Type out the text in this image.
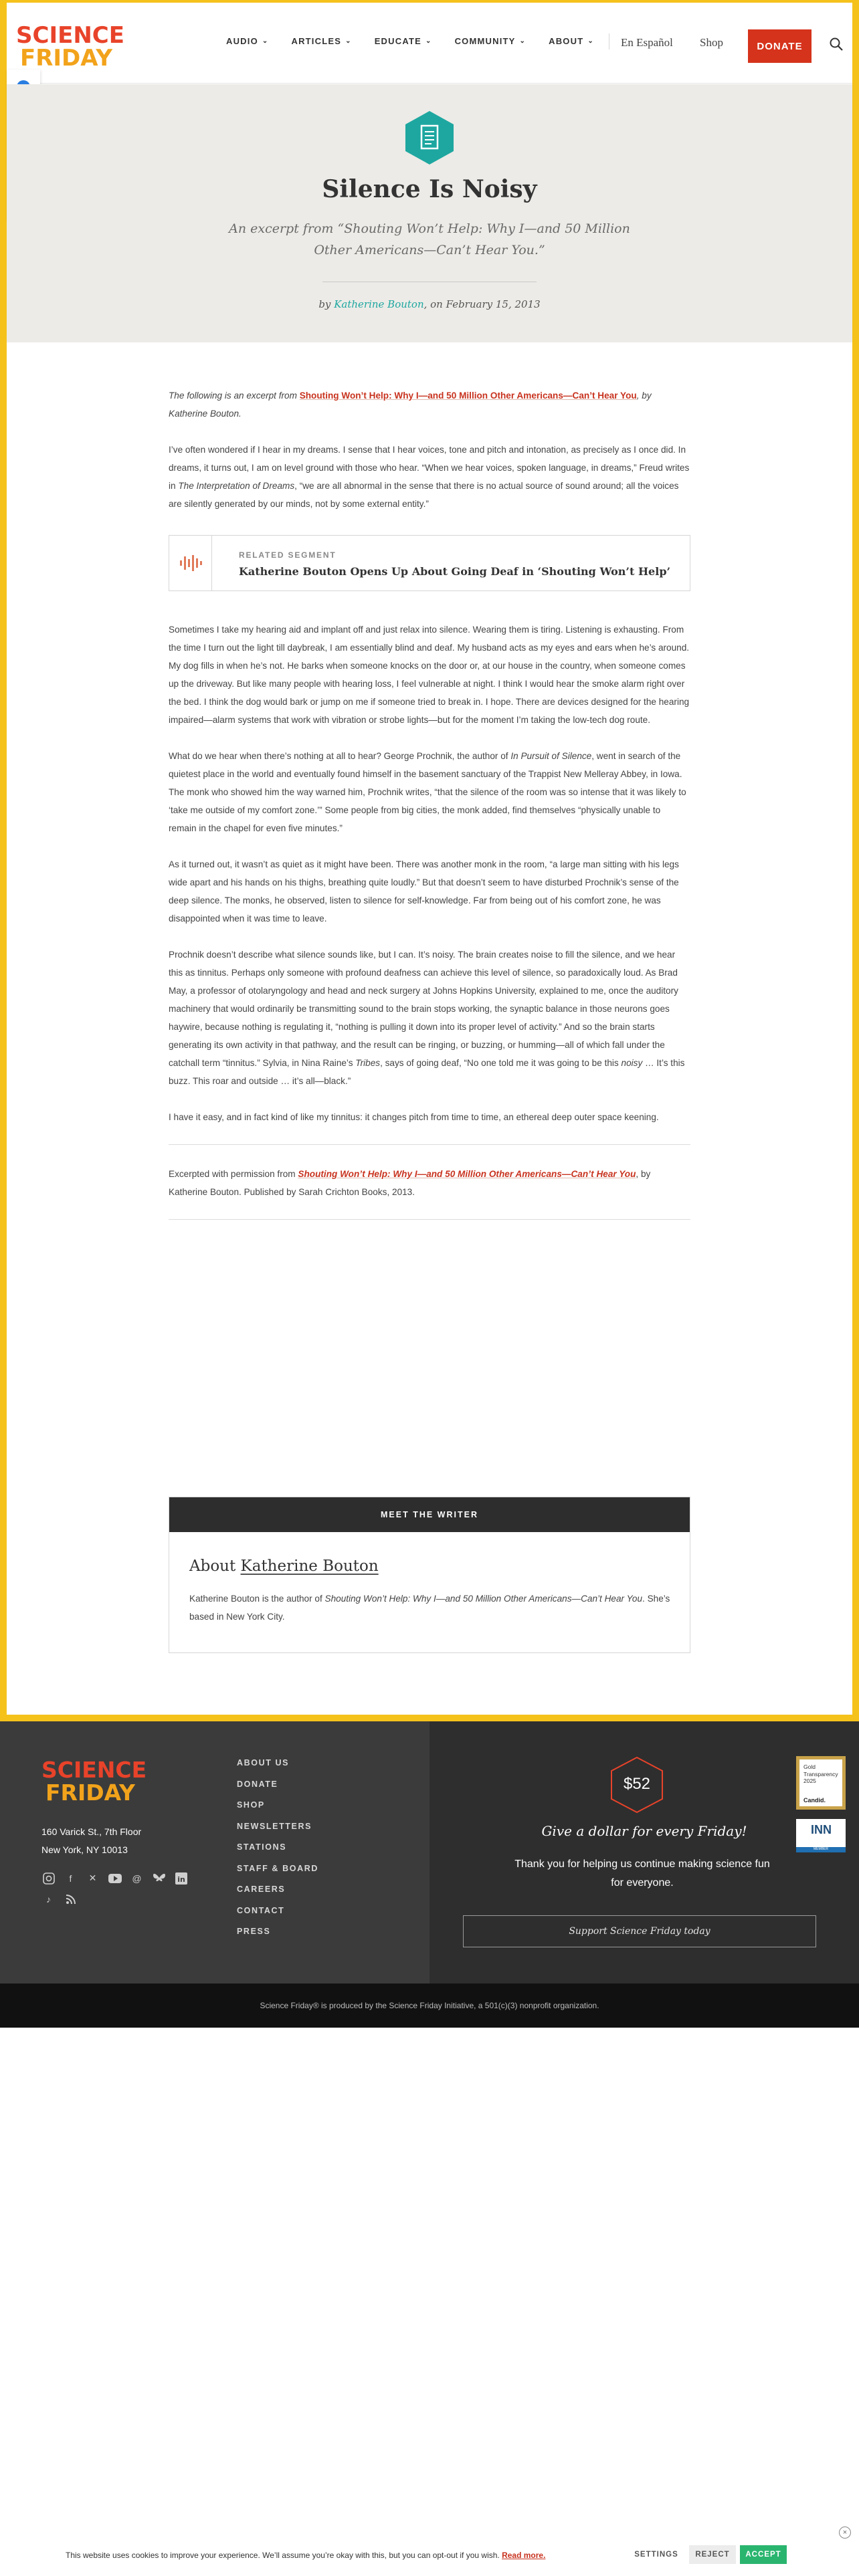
SCIENCE
FRIDAY
AUDIO ⌄	ARTICLES ⌄	EDUCATE ⌄	COMMUNITY ⌄	ABOUT ⌄ En Español Shop	DONATE
Silence Is Noisy
An excerpt from “Shouting Won’t Help: Why I—and 50 Million Other Americans—Can’t Hear You.”
by Katherine Bouton, on February 15, 2013

The following is an excerpt from Shouting Won’t Help: Why I—and 50 Million Other Americans—Can’t Hear You, by Katherine Bouton.

I’ve often wondered if I hear in my dreams. I sense that I hear voices, tone and pitch and intonation, as precisely as I once did. In dreams, it turns out, I am on level ground with those who hear. “When we hear voices, spoken language, in dreams,” Freud writes in The Interpretation of Dreams, “we are all abnormal in the sense that there is no actual source of sound around; all the voices are silently generated by our minds, not by some external entity.”

RELATED SEGMENT
Katherine Bouton Opens Up About Going Deaf in ‘Shouting Won’t Help’

Sometimes I take my hearing aid and implant off and just relax into silence. Wearing them is tiring. Listening is exhausting. From the time I turn out the light till daybreak, I am essentially blind and deaf. My husband acts as my eyes and ears when he’s around. My dog fills in when he’s not. He barks when someone knocks on the door or, at our house in the country, when someone comes up the driveway. But like many people with hearing loss, I feel vulnerable at night. I think I would hear the smoke alarm right over the bed. I think the dog would bark or jump on me if someone tried to break in. I hope. There are devices designed for the hearing impaired—alarm systems that work with vibration or strobe lights—but for the moment I’m taking the low-tech dog route.

What do we hear when there’s nothing at all to hear? George Prochnik, the author of In Pursuit of Silence, went in search of the quietest place in the world and eventually found himself in the basement sanctuary of the Trappist New Melleray Abbey, in Iowa. The monk who showed him the way warned him, Prochnik writes, “that the silence of the room was so intense that it was likely to ‘take me outside of my comfort zone.’” Some people from big cities, the monk added, find themselves “physically unable to remain in the chapel for even five minutes.”

As it turned out, it wasn’t as quiet as it might have been. There was another monk in the room, “a large man sitting with his legs wide apart and his hands on his thighs, breathing quite loudly.” But that doesn’t seem to have disturbed Prochnik’s sense of the deep silence. The monks, he observed, listen to silence for self-knowledge. Far from being out of his comfort zone, he was disappointed when it was time to leave.

Prochnik doesn’t describe what silence sounds like, but I can. It’s noisy. The brain creates noise to fill the silence, and we hear this as tinnitus. Perhaps only someone with profound deafness can achieve this level of silence, so paradoxically loud. As Brad May, a professor of otolaryngology and head and neck surgery at Johns Hopkins University, explained to me, once the auditory machinery that would ordinarily be transmitting sound to the brain stops working, the synaptic balance in those neurons goes haywire, because nothing is regulating it, “nothing is pulling it down into its proper level of activity.” And so the brain starts generating its own activity in that pathway, and the result can be ringing, or buzzing, or humming—all of which fall under the catchall term “tinnitus.” Sylvia, in Nina Raine’s Tribes, says of going deaf, “No one told me it was going to be this noisy … It’s this buzz. This roar and outside … it’s all—black.”

I have it easy, and in fact kind of like my tinnitus: it changes pitch from time to time, an ethereal deep outer space keening.

Excerpted with permission from Shouting Won’t Help: Why I—and 50 Million Other Americans—Can’t Hear You, by Katherine Bouton. Published by Sarah Crichton Books, 2013.

MEET THE WRITER
About Katherine Bouton
Katherine Bouton is the author of Shouting Won’t Help: Why I—and 50 Million Other Americans—Can’t Hear You. She’s based in New York City.
SCIENCE
FRIDAY
160 Varick St., 7th Floor
New York, NY 10013
f	✕	@	in
♪
ABOUT US
DONATE
SHOP
NEWSLETTERS
STATIONS
STAFF & BOARD
CAREERS
CONTACT
PRESS
$52
Give a dollar for every Friday!
Thank you for helping us continue making science fun for everyone.
Support Science Friday today
Gold Transparency 2025
Candid.
INN
MEMBER
Science Friday® is produced by the Science Friday Initiative, a 501(c)(3) nonprofit organization.
×
This website uses cookies to improve your experience. We’ll assume you’re okay with this, but you can opt-out if you wish. Read more.	SETTINGS	REJECT	ACCEPT
